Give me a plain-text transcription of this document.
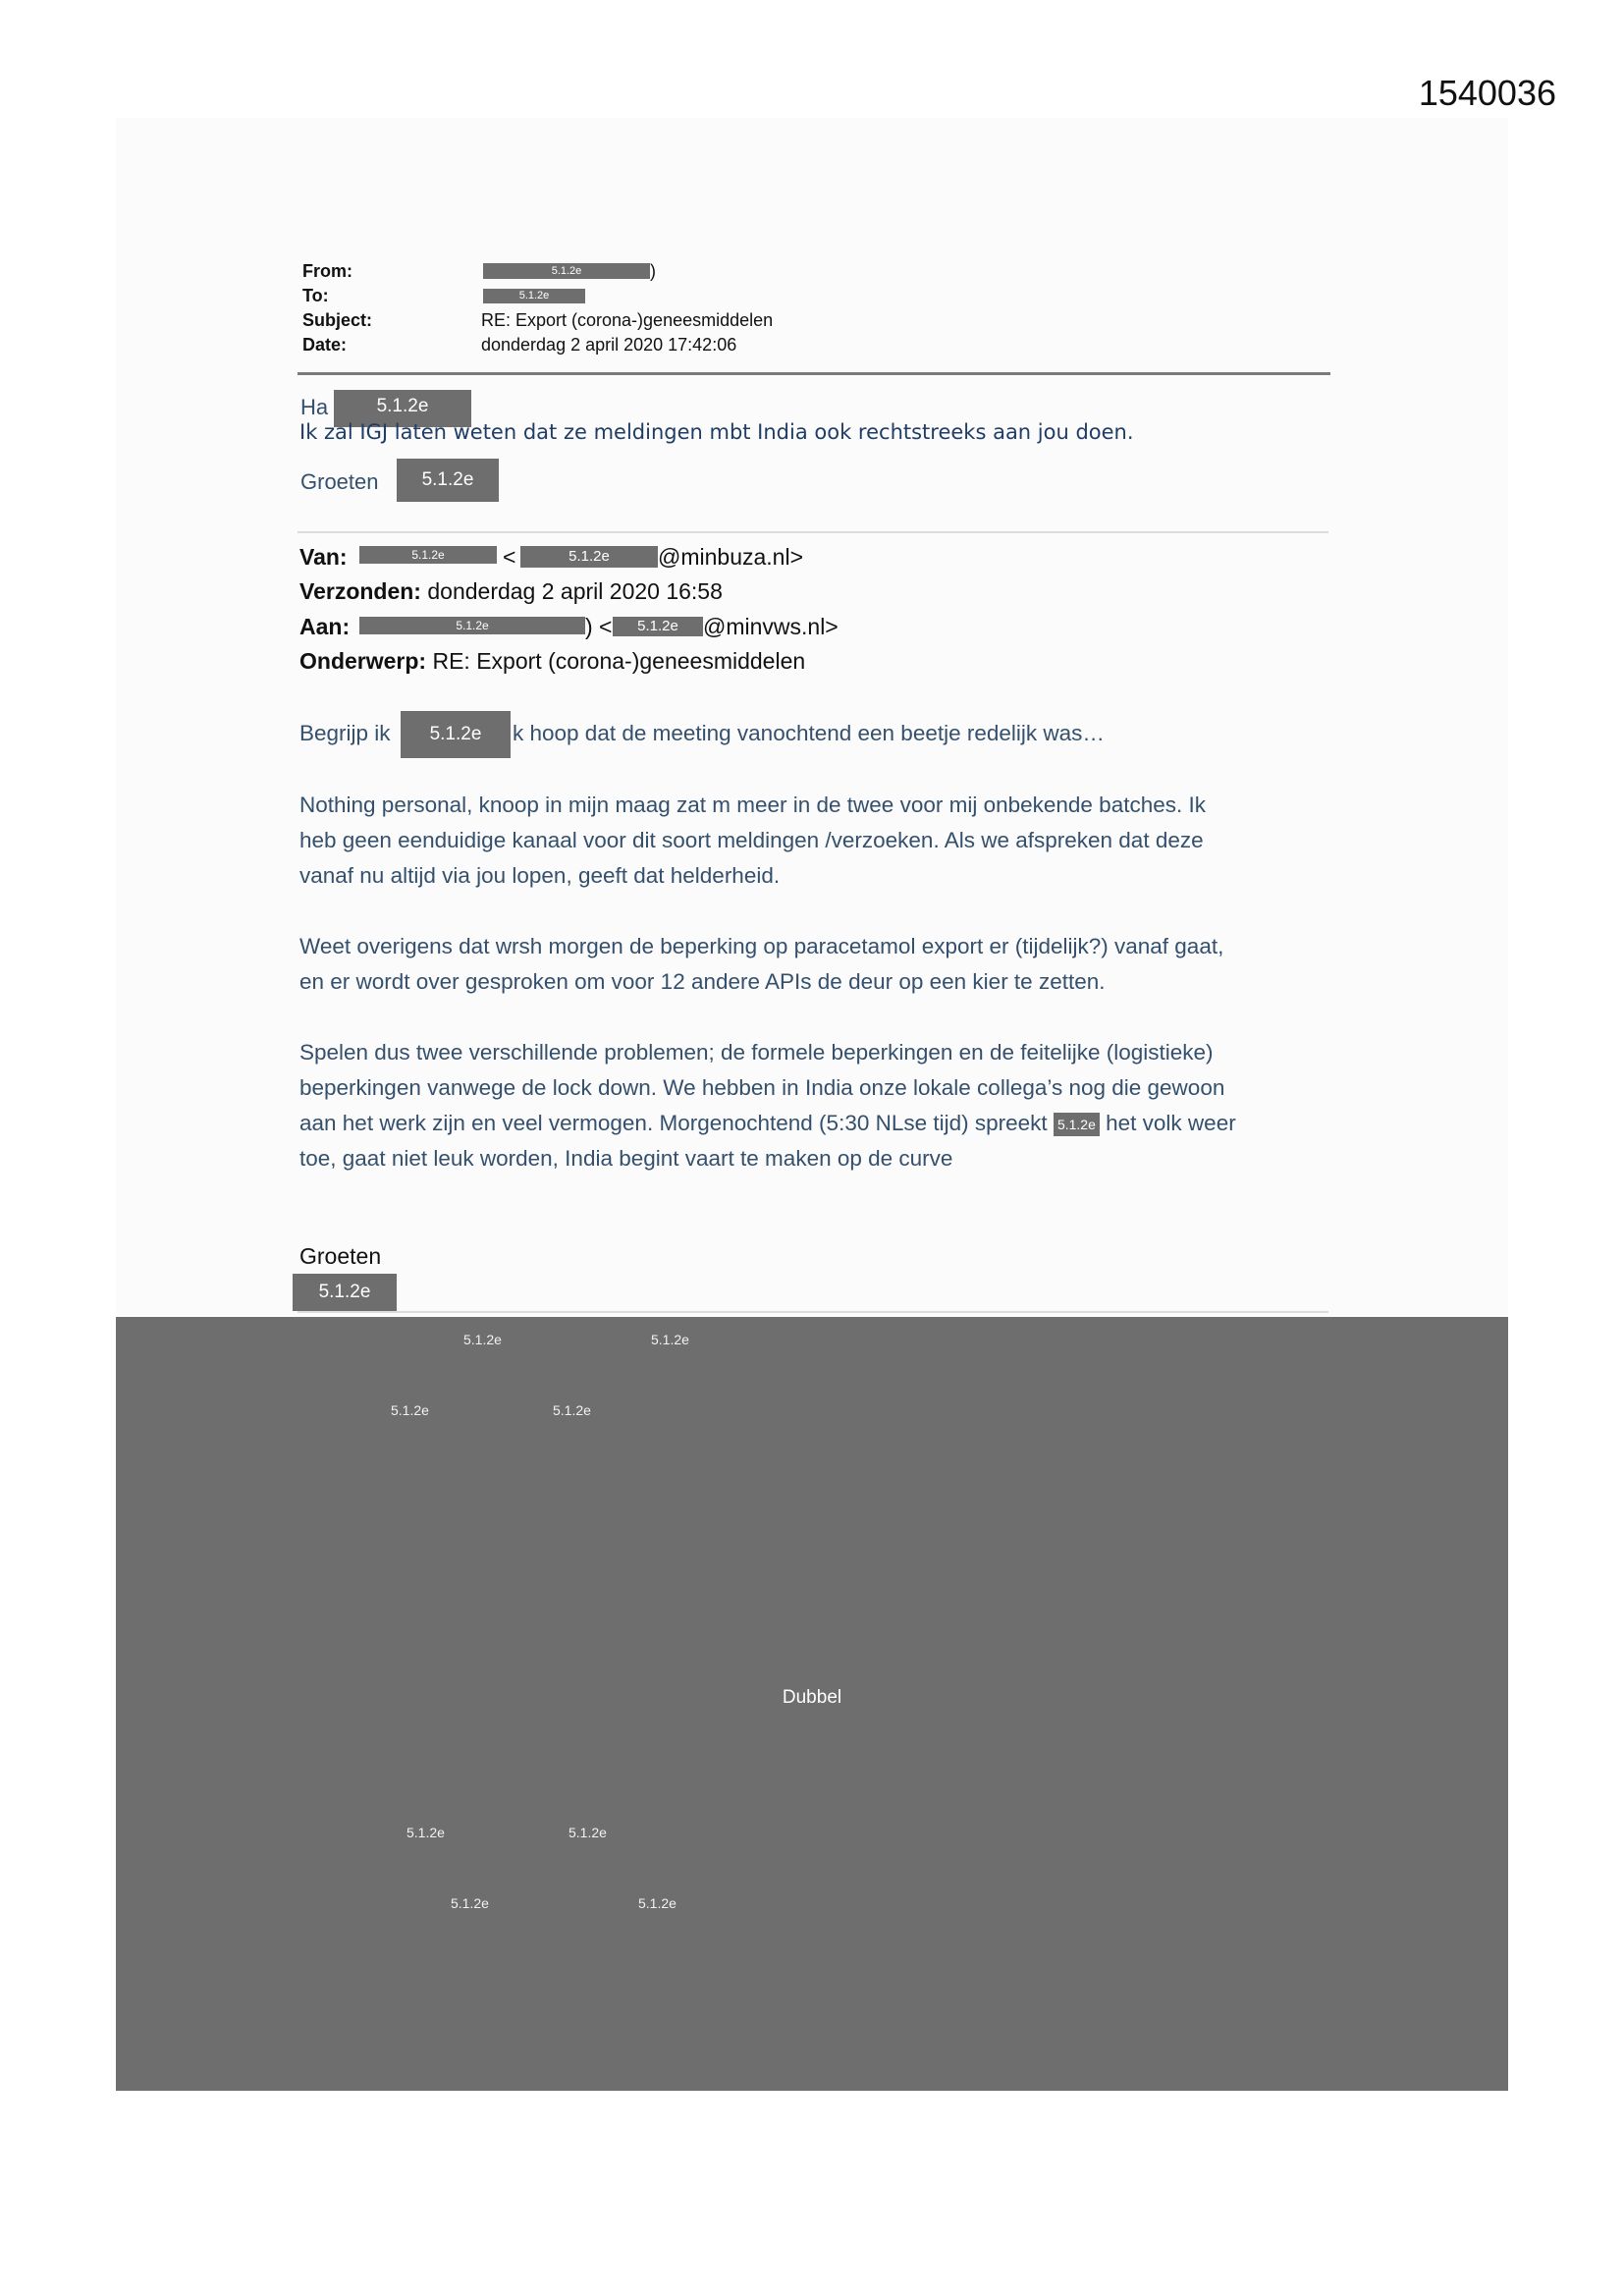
1540036
From:	5.1.2e	)
To:	5.1.2e
Subject:	RE: Export (corona-)geneesmiddelen
Date:	donderdag 2 april 2020 17:42:06
Ha	5.1.2e
Ik zal IGJ laten weten dat ze meldingen mbt India ook rechtstreeks aan jou doen.
Groeten	5.1.2e
Van:	5.1.2e	<	5.1.2e	@minbuza.nl>
Verzonden: donderdag 2 april 2020 16:58
Aan:	5.1.2e	) <	5.1.2e	@minvws.nl>
Onderwerp: RE: Export (corona-)geneesmiddelen

Begrijp ik	5.1.2e	k hoop dat de meeting vanochtend een beetje redelijk was…

Nothing personal, knoop in mijn maag zat m meer in de twee voor mij onbekende batches. Ik

heb geen eenduidige kanaal voor dit soort meldingen /verzoeken. Als we afspreken dat deze

vanaf nu altijd via jou lopen, geeft dat helderheid.

Weet overigens dat wrsh morgen de beperking op paracetamol export er (tijdelijk?) vanaf gaat,

en er wordt over gesproken om voor 12 andere APIs de deur op een kier te zetten.

Spelen dus twee verschillende problemen; de formele beperkingen en de feitelijke (logistieke)

beperkingen vanwege de lock down. We hebben in India onze lokale collega’s nog die gewoon

aan het werk zijn en veel vermogen. Morgenochtend (5:30 NLse tijd) spreekt 5.1.2e het volk weer

toe, gaat niet leuk worden, India begint vaart te maken op de curve

Groeten
5.1.2e
5.1.2e	5.1.2e
5.1.2e	5.1.2e
Dubbel
5.1.2e	5.1.2e
5.1.2e	5.1.2e
